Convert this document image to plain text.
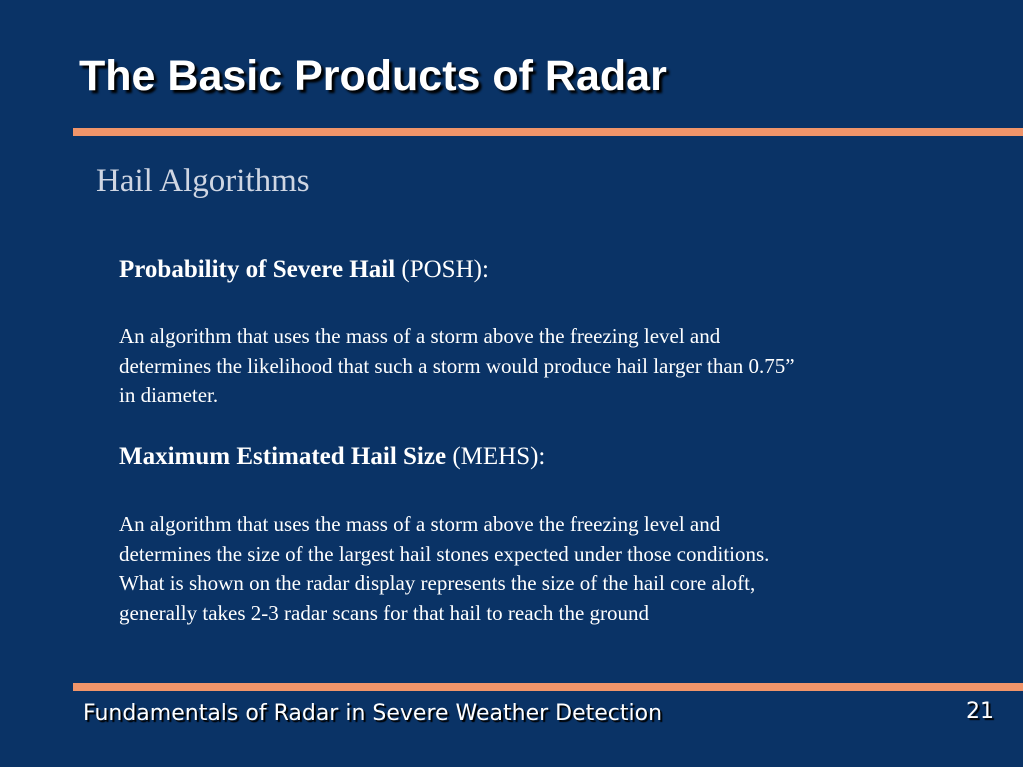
The Basic Products of Radar
Hail Algorithms
Probability of Severe Hail (POSH):

An algorithm that uses the mass of a storm above the freezing level and
determines the likelihood that such a storm would produce hail larger than 0.75”
in diameter.

Maximum Estimated Hail Size (MEHS):

An algorithm that uses the mass of a storm above the freezing level and
determines the size of the largest hail stones expected under those conditions.
What is shown on the radar display represents the size of the hail core aloft,
generally takes 2-3 radar scans for that hail to reach the ground

Fundamentals of Radar in Severe Weather Detection	21
